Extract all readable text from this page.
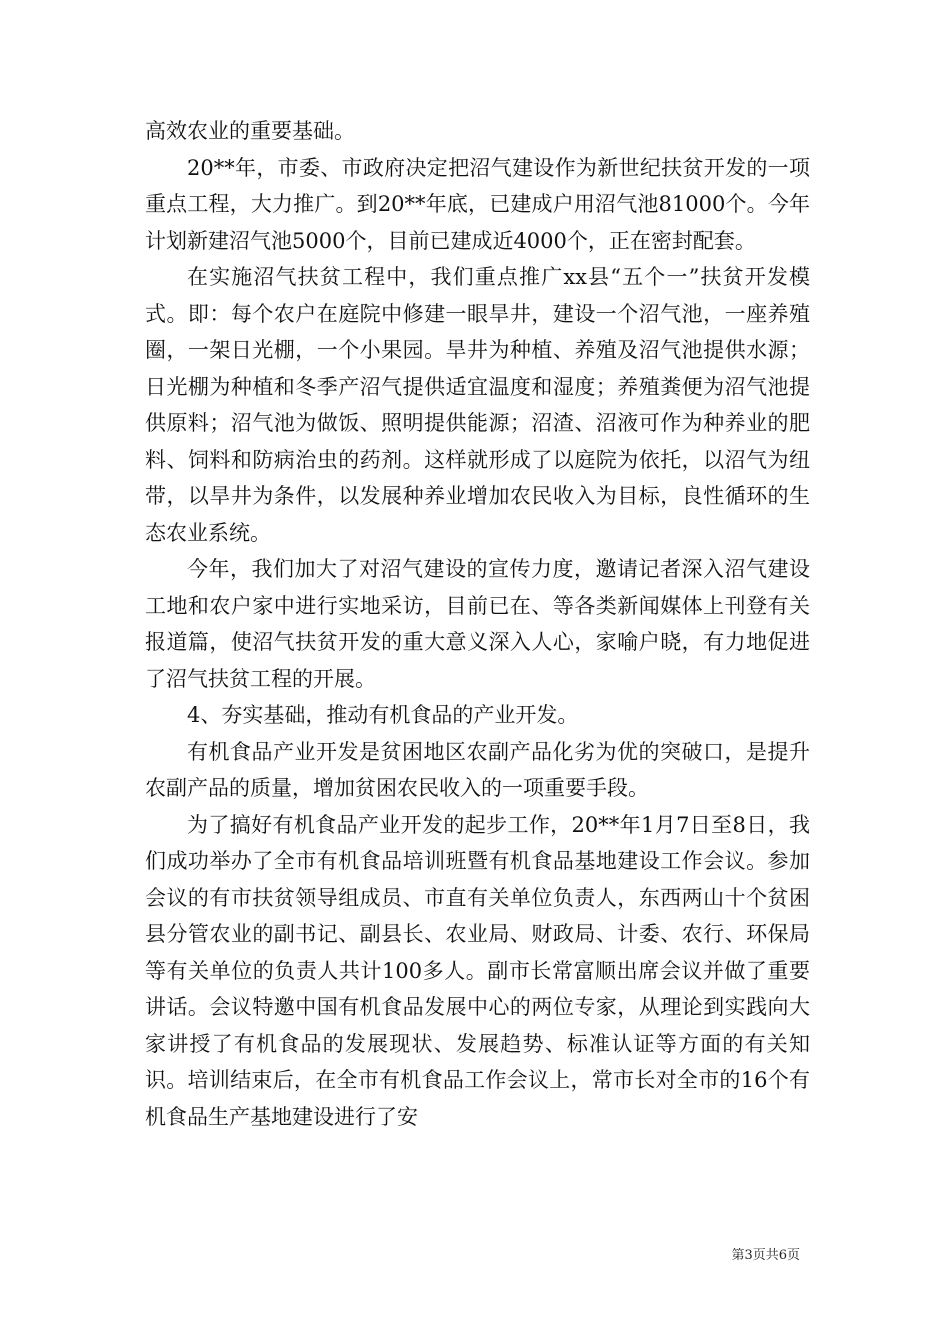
高效农业的重要基础。

20**年，市委、市政府决定把沼气建设作为新世纪扶贫开发的一项重点工程，大力推广。到20**年底，已建成户用沼气池81000个。今年计划新建沼气池5000个，目前已建成近4000个，正在密封配套。

在实施沼气扶贫工程中，我们重点推广xx县“五个一”扶贫开发模式。即：每个农户在庭院中修建一眼旱井，建设一个沼气池，一座养殖圈，一架日光棚，一个小果园。旱井为种植、养殖及沼气池提供水源；日光棚为种植和冬季产沼气提供适宜温度和湿度；养殖粪便为沼气池提供原料；沼气池为做饭、照明提供能源；沼渣、沼液可作为种养业的肥料、饲料和防病治虫的药剂。这样就形成了以庭院为依托，以沼气为纽带，以旱井为条件，以发展种养业增加农民收入为目标，良性循环的生态农业系统。

今年，我们加大了对沼气建设的宣传力度，邀请记者深入沼气建设工地和农户家中进行实地采访，目前已在、等各类新闻媒体上刊登有关报道篇，使沼气扶贫开发的重大意义深入人心，家喻户晓，有力地促进了沼气扶贫工程的开展。

4、夯实基础，推动有机食品的产业开发。

有机食品产业开发是贫困地区农副产品化劣为优的突破口，是提升农副产品的质量，增加贫困农民收入的一项重要手段。

为了搞好有机食品产业开发的起步工作，20**年1月7日至8日，我们成功举办了全市有机食品培训班暨有机食品基地建设工作会议。参加会议的有市扶贫领导组成员、市直有关单位负责人，东西两山十个贫困县分管农业的副书记、副县长、农业局、财政局、计委、农行、环保局等有关单位的负责人共计100多人。副市长常富顺出席会议并做了重要讲话。会议特邀中国有机食品发展中心的两位专家，从理论到实践向大家讲授了有机食品的发展现状、发展趋势、标准认证等方面的有关知识。培训结束后，在全市有机食品工作会议上，常市长对全市的16个有机食品生产基地建设进行了安

第3页共6页
